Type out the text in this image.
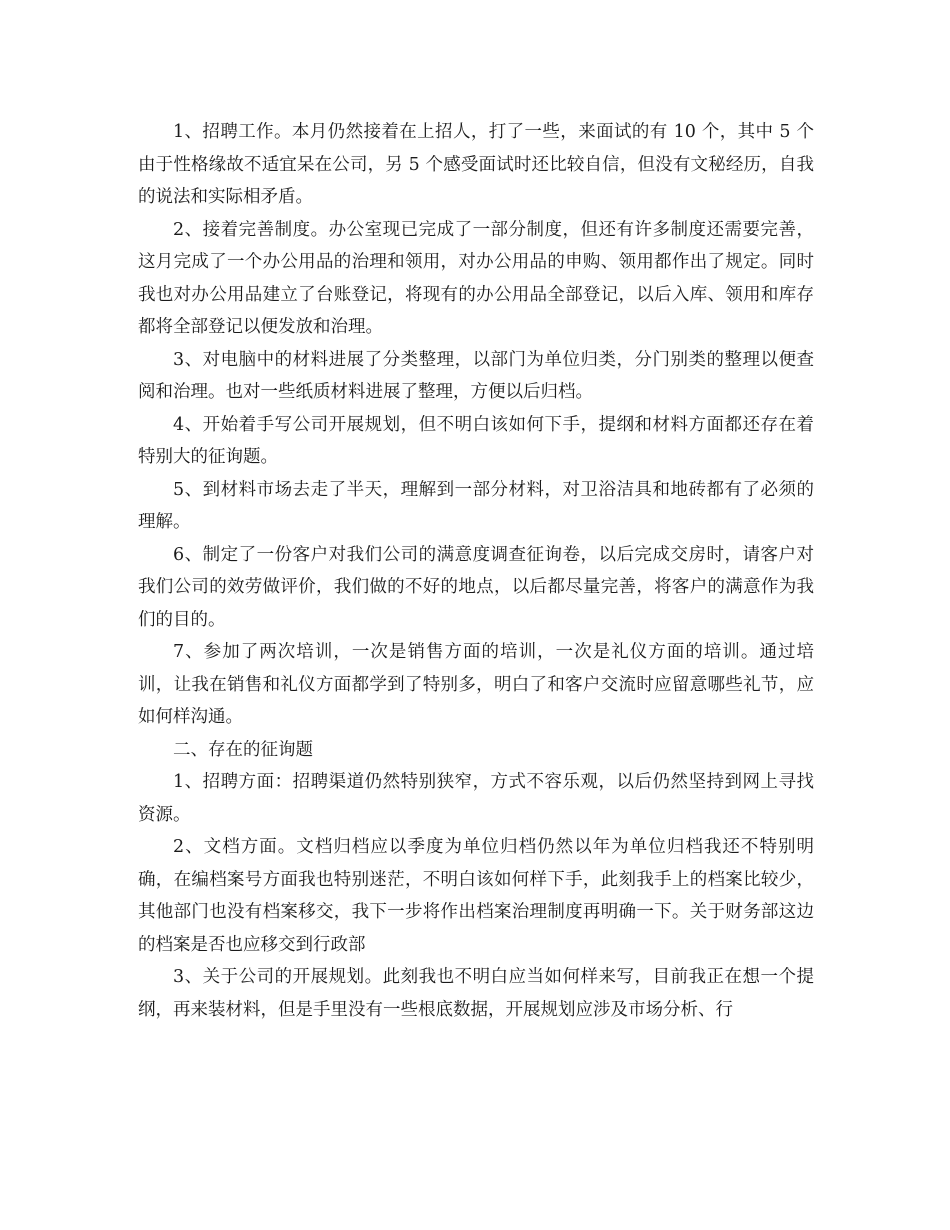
1、招聘工作。本月仍然接着在上招人，打了一些，来面试的有 10 个，其中 5 个由于性格缘故不适宜呆在公司，另 5 个感受面试时还比较自信，但没有文秘经历，自我的说法和实际相矛盾。

2、接着完善制度。办公室现已完成了一部分制度，但还有许多制度还需要完善，这月完成了一个办公用品的治理和领用，对办公用品的申购、领用都作出了规定。同时我也对办公用品建立了台账登记，将现有的办公用品全部登记，以后入库、领用和库存都将全部登记以便发放和治理。

3、对电脑中的材料进展了分类整理，以部门为单位归类，分门别类的整理以便查阅和治理。也对一些纸质材料进展了整理，方便以后归档。

4、开始着手写公司开展规划，但不明白该如何下手，提纲和材料方面都还存在着特别大的征询题。

5、到材料市场去走了半天，理解到一部分材料，对卫浴洁具和地砖都有了必须的理解。

6、制定了一份客户对我们公司的满意度调查征询卷，以后完成交房时，请客户对我们公司的效劳做评价，我们做的不好的地点，以后都尽量完善，将客户的满意作为我们的目的。

7、参加了两次培训，一次是销售方面的培训，一次是礼仪方面的培训。通过培训，让我在销售和礼仪方面都学到了特别多，明白了和客户交流时应留意哪些礼节，应如何样沟通。

二、存在的征询题

1、招聘方面：招聘渠道仍然特别狭窄，方式不容乐观，以后仍然坚持到网上寻找资源。

2、文档方面。文档归档应以季度为单位归档仍然以年为单位归档我还不特别明确，在编档案号方面我也特别迷茫，不明白该如何样下手，此刻我手上的档案比较少，其他部门也没有档案移交，我下一步将作出档案治理制度再明确一下。关于财务部这边的档案是否也应移交到行政部

3、关于公司的开展规划。此刻我也不明白应当如何样来写，目前我正在想一个提纲，再来装材料，但是手里没有一些根底数据，开展规划应涉及市场分析、行
